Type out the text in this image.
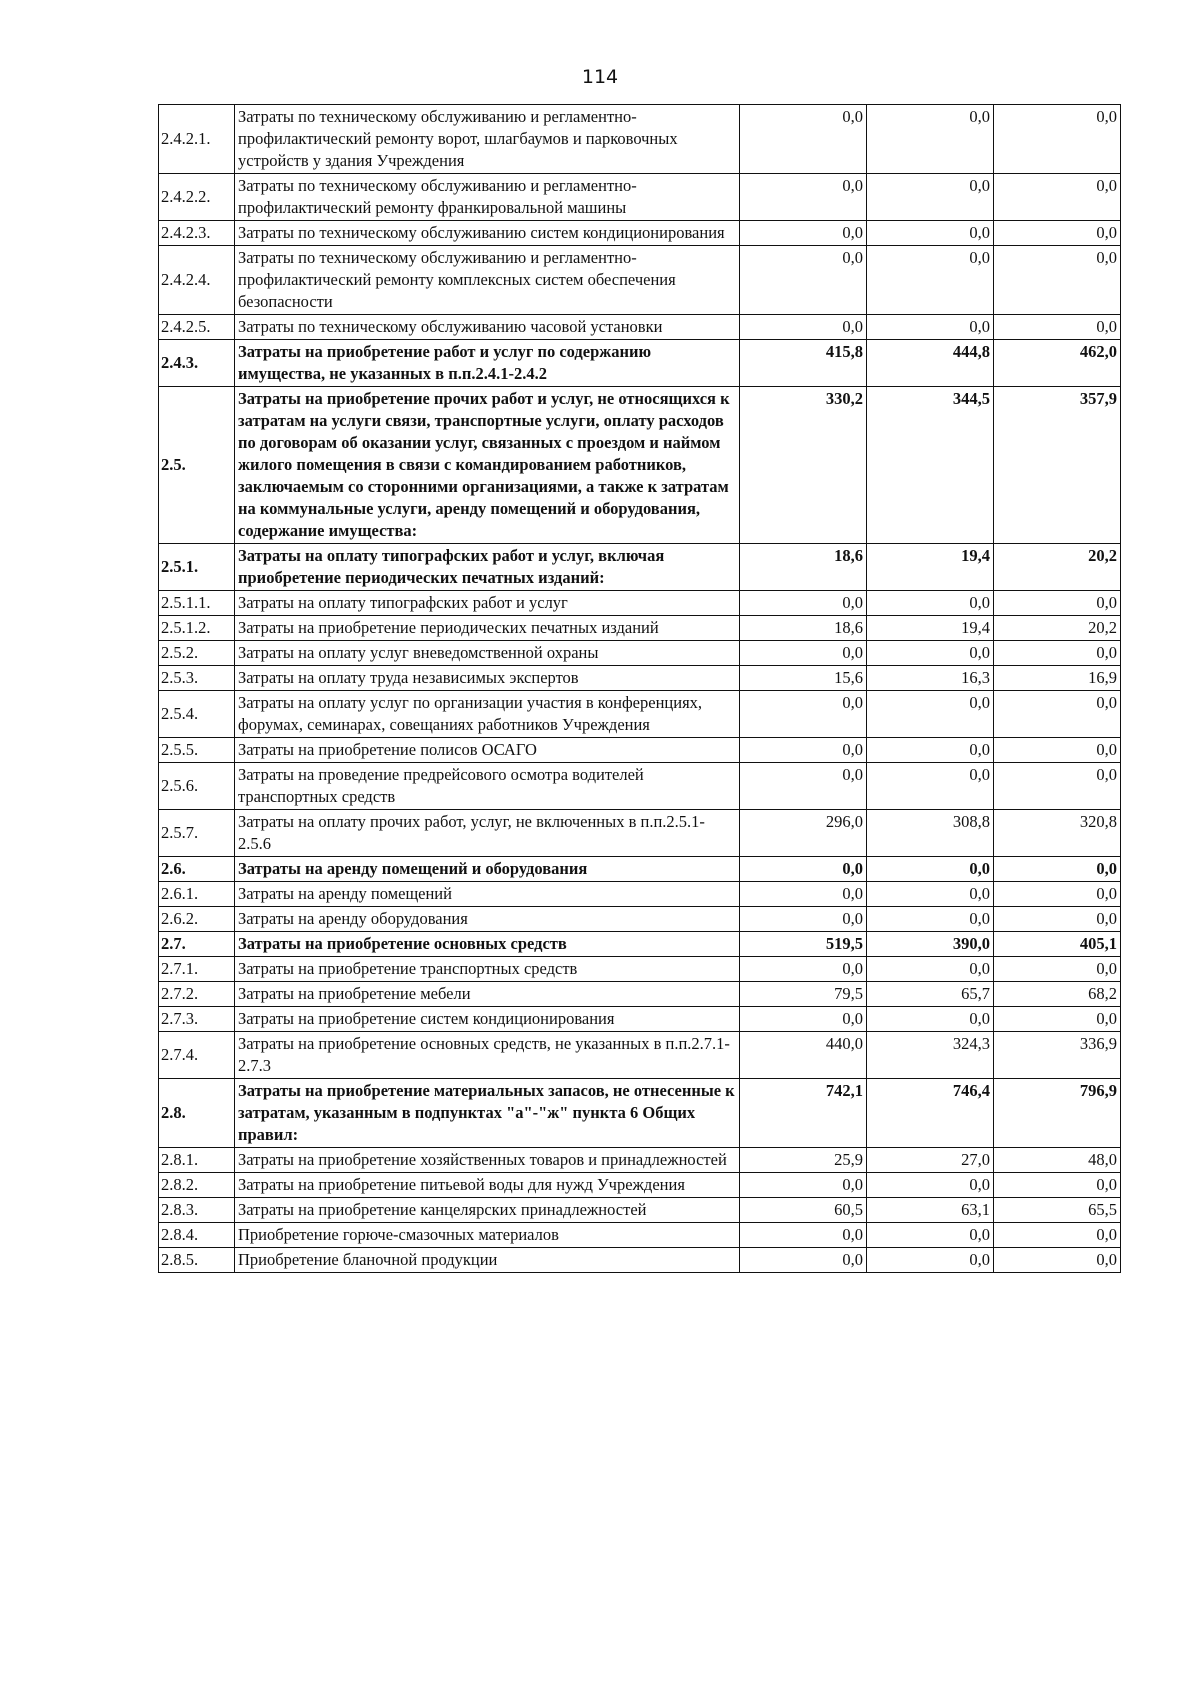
114
2.4.2.1.	Затраты по техническому обслуживанию и регламентно-профилактический ремонту ворот, шлагбаумов и парковочных устройств у здания Учреждения	0,0	0,0	0,0
2.4.2.2.	Затраты по техническому обслуживанию и регламентно-профилактический ремонту франкировальной машины	0,0	0,0	0,0
2.4.2.3.	Затраты по техническому обслуживанию систем кондиционирования	0,0	0,0	0,0
2.4.2.4.	Затраты по техническому обслуживанию и регламентно-профилактический ремонту комплексных систем обеспечения безопасности	0,0	0,0	0,0
2.4.2.5.	Затраты по техническому обслуживанию часовой установки	0,0	0,0	0,0
2.4.3.	Затраты на приобретение работ и услуг по содержанию имущества, не указанных в п.п.2.4.1-2.4.2	415,8	444,8	462,0
2.5.	Затраты на приобретение прочих работ и услуг, не относящихся к затратам на услуги связи, транспортные услуги, оплату расходов по договорам об оказании услуг, связанных с проездом и наймом жилого помещения в связи с командированием работников, заключаемым со сторонними организациями, а также к затратам на коммунальные услуги, аренду помещений и оборудования, содержание имущества:	330,2	344,5	357,9
2.5.1.	Затраты на оплату типографских работ и услуг, включая приобретение периодических печатных изданий:	18,6	19,4	20,2
2.5.1.1.	Затраты на оплату типографских работ и услуг	0,0	0,0	0,0
2.5.1.2.	Затраты на приобретение периодических печатных изданий	18,6	19,4	20,2
2.5.2.	Затраты на оплату услуг вневедомственной охраны	0,0	0,0	0,0
2.5.3.	Затраты на оплату труда независимых экспертов	15,6	16,3	16,9
2.5.4.	Затраты на оплату услуг по организации участия в конференциях, форумах, семинарах, совещаниях работников Учреждения	0,0	0,0	0,0
2.5.5.	Затраты на приобретение полисов ОСАГО	0,0	0,0	0,0
2.5.6.	Затраты на проведение предрейсового осмотра водителей транспортных средств	0,0	0,0	0,0
2.5.7.	Затраты на оплату прочих работ, услуг, не включенных в п.п.2.5.1-2.5.6	296,0	308,8	320,8
2.6.	Затраты на аренду помещений и оборудования	0,0	0,0	0,0
2.6.1.	Затраты на аренду помещений	0,0	0,0	0,0
2.6.2.	Затраты на аренду оборудования	0,0	0,0	0,0
2.7.	Затраты на приобретение основных средств	519,5	390,0	405,1
2.7.1.	Затраты на приобретение транспортных средств	0,0	0,0	0,0
2.7.2.	Затраты на приобретение мебели	79,5	65,7	68,2
2.7.3.	Затраты на приобретение систем кондиционирования	0,0	0,0	0,0
2.7.4.	Затраты на приобретение основных средств, не указанных в п.п.2.7.1-2.7.3	440,0	324,3	336,9
2.8.	Затраты на приобретение материальных запасов, не отнесенные к затратам, указанным в подпунктах "а"-"ж" пункта 6 Общих правил:	742,1	746,4	796,9
2.8.1.	Затраты на приобретение хозяйственных товаров и принадлежностей	25,9	27,0	48,0
2.8.2.	Затраты на приобретение питьевой воды для нужд Учреждения	0,0	0,0	0,0
2.8.3.	Затраты на приобретение канцелярских принадлежностей	60,5	63,1	65,5
2.8.4.	Приобретение горюче-смазочных материалов	0,0	0,0	0,0
2.8.5.	Приобретение бланочной продукции	0,0	0,0	0,0
